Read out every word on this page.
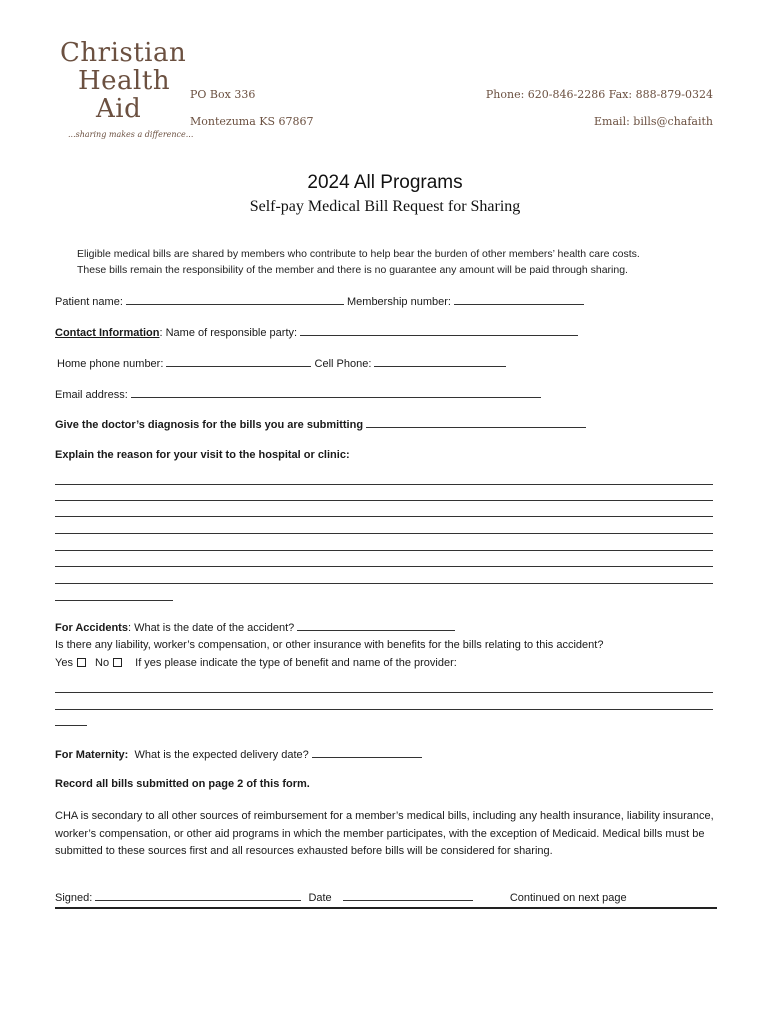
Christian
Health
Aid
...sharing makes a difference...
PO Box 336
Montezuma KS 67867
Phone: 620-846-2286 Fax: 888-879-0324
Email: bills@chafaith
2024 All Programs
Self-pay Medical Bill Request for Sharing
Eligible medical bills are shared by members who contribute to help bear the burden of other members’ health care costs.
These bills remain the responsibility of the member and there is no guarantee any amount will be paid through sharing.
Patient name:	Membership number:
Contact Information: Name of responsible party:
Home phone number:	Cell Phone:
Email address:
Give the doctor’s diagnosis for the bills you are submitting
Explain the reason for your visit to the hospital or clinic:
For Accidents: What is the date of the accident?
Is there any liability, worker’s compensation, or other insurance with benefits for the bills relating to this accident?
Yes No If yes please indicate the type of benefit and name of the provider:
For Maternity: What is the expected delivery date?
Record all bills submitted on page 2 of this form.
CHA is secondary to all other sources of reimbursement for a member’s medical bills, including any health insurance, liability insurance, worker’s compensation, or other aid programs in which the member participates, with the exception of Medicaid. Medical bills must be submitted to these sources first and all resources exhausted before bills will be considered for sharing.
Signed:	Date	Continued on next page
